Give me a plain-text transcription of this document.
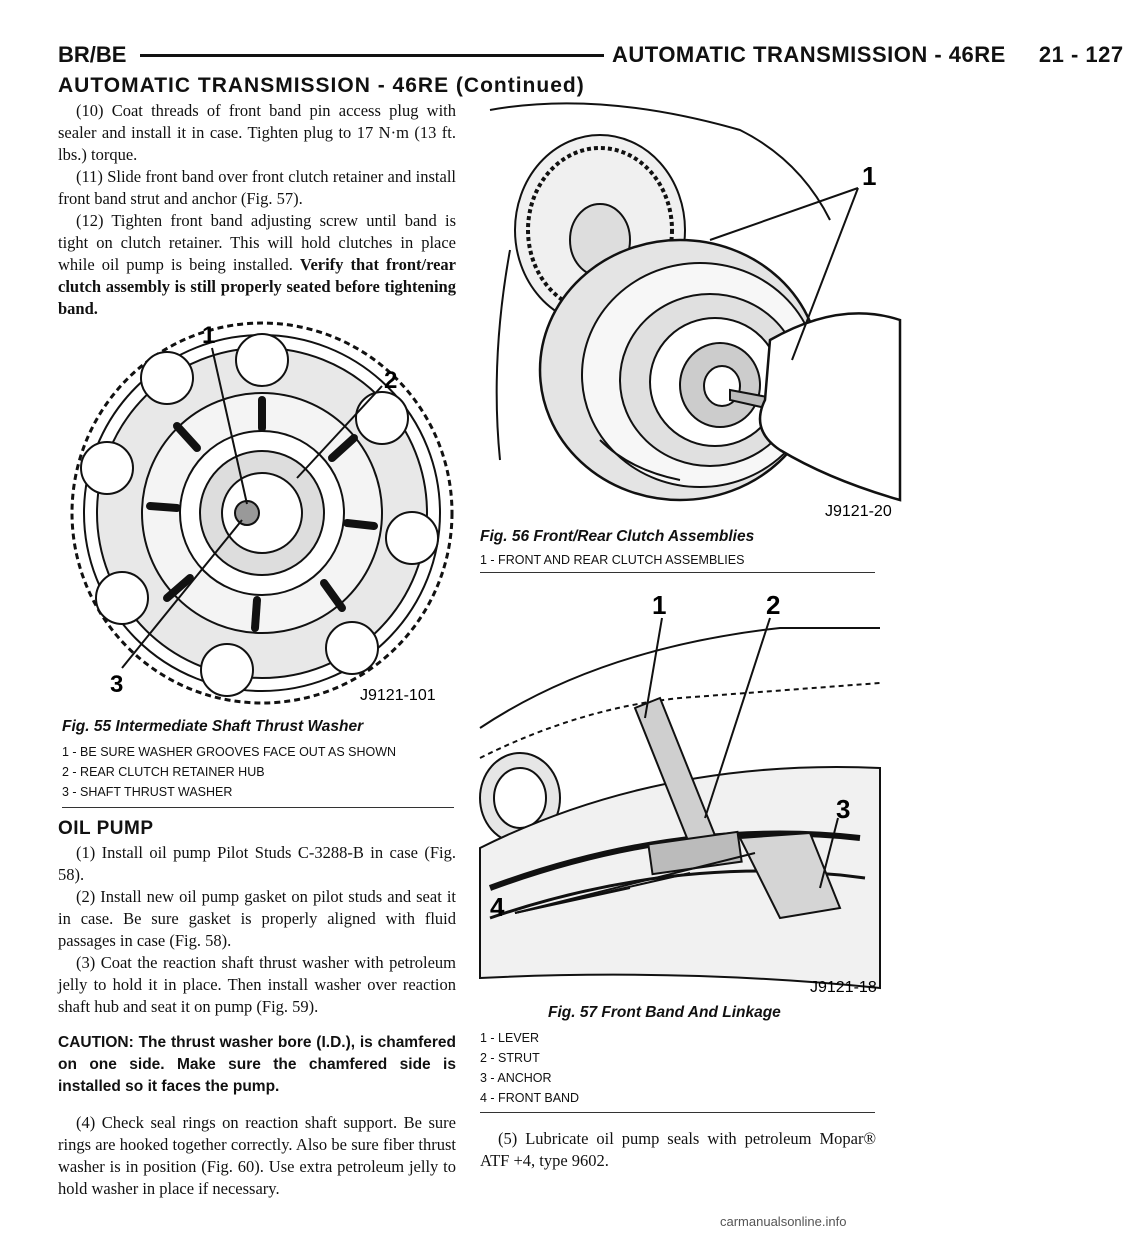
BR/BE	AUTOMATIC TRANSMISSION - 46RE     21 - 127
AUTOMATIC TRANSMISSION - 46RE (Continued)

(10) Coat threads of front band pin access plug with sealer and install it in case. Tighten plug to 17 N·m (13 ft. lbs.) torque.

(11) Slide front band over front clutch retainer and install front band strut and anchor (Fig. 57).

(12) Tighten front band adjusting screw until band is tight on clutch retainer. This will hold clutches in place while oil pump is being installed. Verify that front/rear clutch assembly is still properly seated before tightening band.

1
2
3	J9121-101
Fig. 55 Intermediate Shaft Thrust Washer
1 - BE SURE WASHER GROOVES FACE OUT AS SHOWN
2 - REAR CLUTCH RETAINER HUB
3 - SHAFT THRUST WASHER
OIL PUMP

(1) Install oil pump Pilot Studs C-3288-B in case (Fig. 58).

(2) Install new oil pump gasket on pilot studs and seat it in case. Be sure gasket is properly aligned with fluid passages in case (Fig. 58).

(3) Coat the reaction shaft thrust washer with petroleum jelly to hold it in place. Then install washer over reaction shaft hub and seat it on pump (Fig. 59).

CAUTION: The thrust washer bore (I.D.), is chamfered on one side. Make sure the chamfered side is installed so it faces the pump.

(4) Check seal rings on reaction shaft support. Be sure rings are hooked together correctly. Also be sure fiber thrust washer is in position (Fig. 60). Use extra petroleum jelly to hold washer in place if necessary.

1
J9121-20
Fig. 56 Front/Rear Clutch Assemblies
1 - FRONT AND REAR CLUTCH ASSEMBLIES
1	2
3
4
J9121-18
Fig. 57 Front Band And Linkage
1 - LEVER
2 - STRUT
3 - ANCHOR
4 - FRONT BAND

(5) Lubricate oil pump seals with petroleum Mopar® ATF +4, type 9602.

carmanualsonline.info
